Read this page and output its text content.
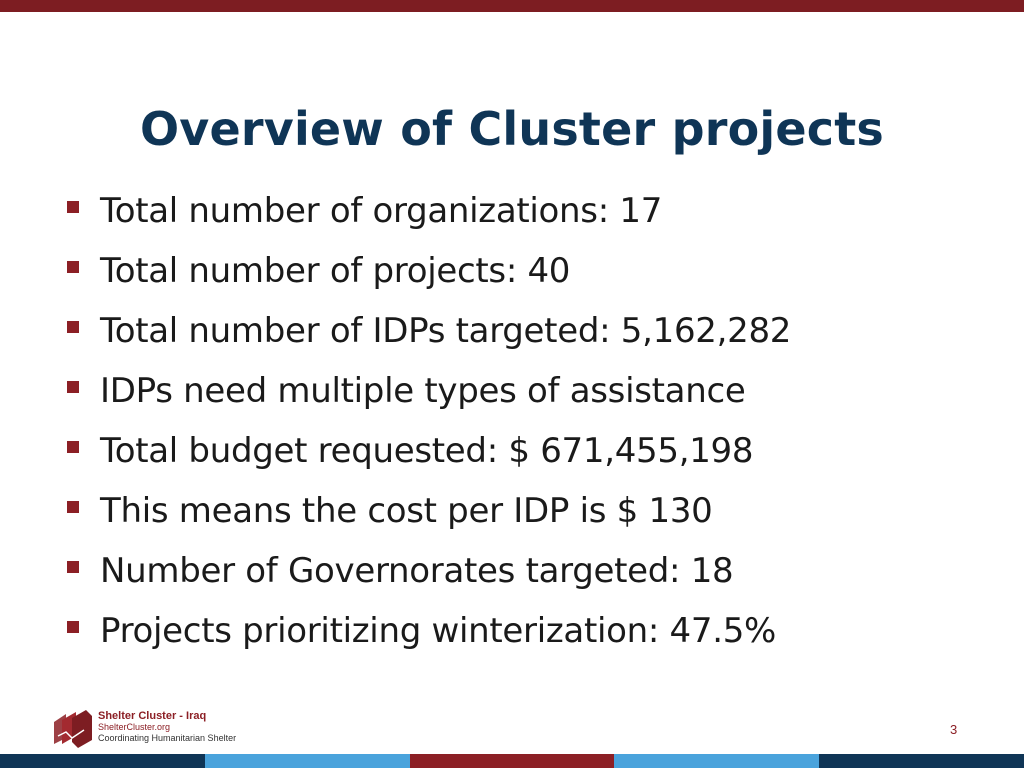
Overview of Cluster projects
Total number of organizations: 17
Total number of projects: 40
Total number of IDPs targeted: 5,162,282
IDPs need multiple types of assistance
Total budget requested: $ 671,455,198
This means the cost per IDP is $ 130
Number of Governorates targeted: 18
Projects prioritizing winterization: 47.5%
Shelter Cluster - Iraq
ShelterCluster.org
Coordinating Humanitarian Shelter
3
